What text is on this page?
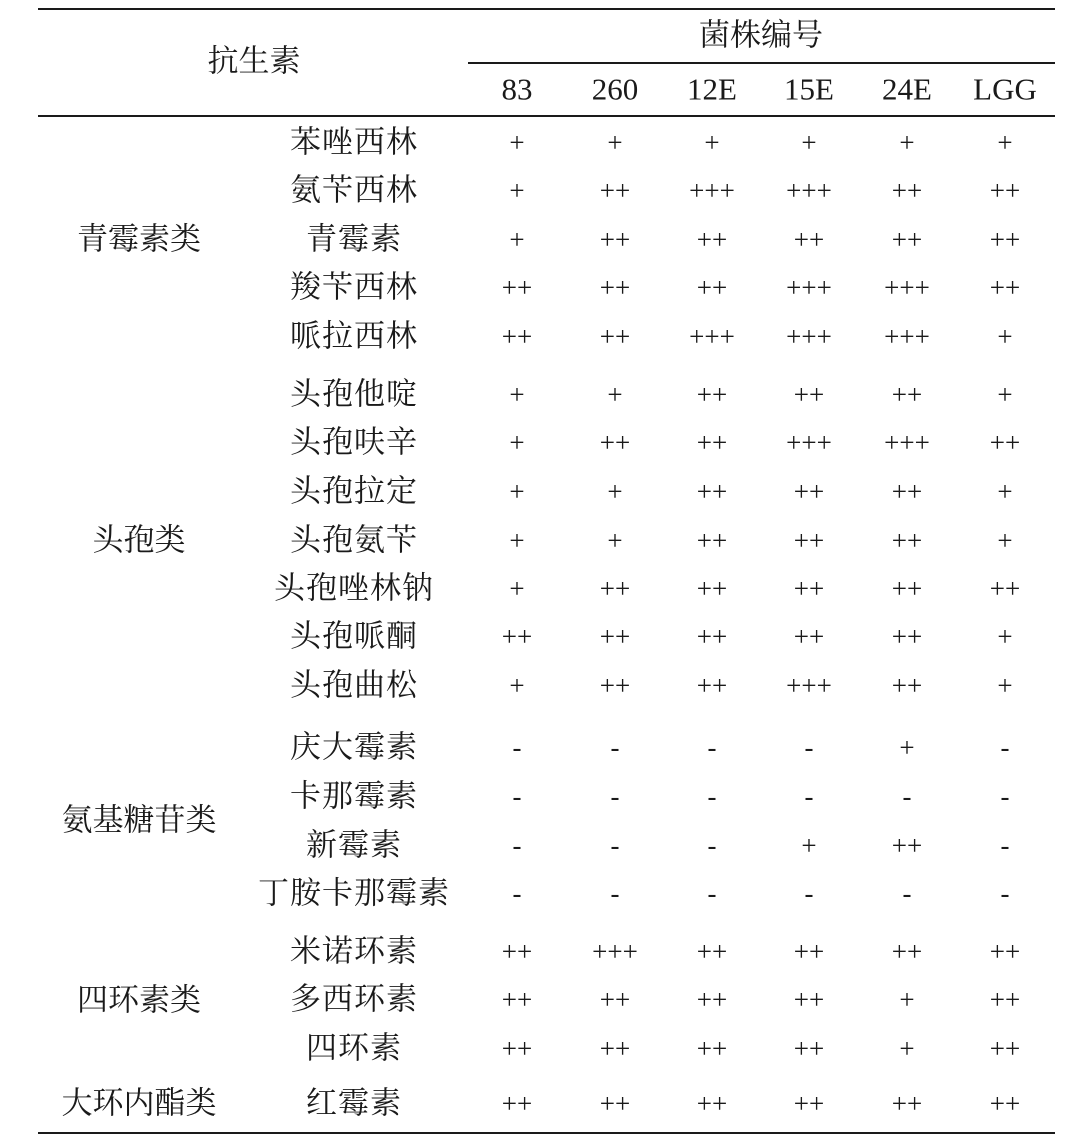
抗生素
菌株编号
83 260 12E 15E 24E LGG
青霉素类
苯唑西林	+	+	+	+	+	+
氨苄西林	+	++ +++ +++ ++	++
青霉素	+	++ ++ ++	++	++
羧苄西林	++	++ ++ +++ +++ ++
哌拉西林	++	++ +++ +++ +++	+
头孢类
头孢他啶	+	+	++ ++	++	+
头孢呋辛	+	++ ++ +++ +++ ++
头孢拉定	+	+	++ ++	++	+
头孢氨苄	+	+	++ ++	++	+
头孢唑林钠	+	++ ++ ++	++	++
头孢哌酮	++	++ ++ ++	++	+
头孢曲松	+	++ ++ +++ ++	+
氨基糖苷类
庆大霉素	-	-	-	-	+	-
卡那霉素	-	-	-	-	-	-
新霉素	-	-	-	+	++	-
丁胺卡那霉素 -	-	-	-	-	-
四环素类
米诺环素	++ +++ ++ ++	++	++
多西环素	++	++ ++ ++	+	++
四环素	++	++ ++ ++	+	++
大环内酯类	红霉素	++	++ ++ ++	++	++
